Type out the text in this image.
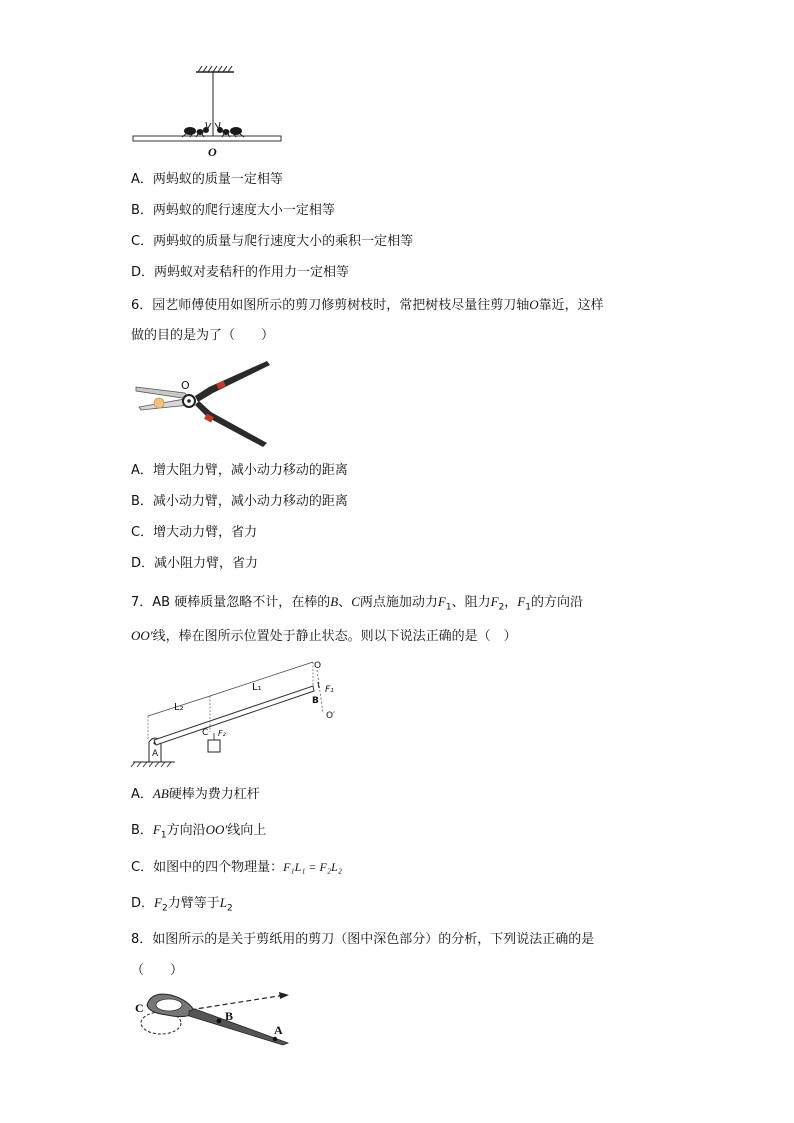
O
A．两蚂蚁的质量一定相等
B．两蚂蚁的爬行速度大小一定相等
C．两蚂蚁的质量与爬行速度大小的乘积一定相等
D．两蚂蚁对麦秸秆的作用力一定相等
6．园艺师傅使用如图所示的剪刀修剪树枝时，常把树枝尽量往剪刀轴O靠近，这样
做的目的是为了（　　）
O
A．增大阻力臂，减小动力移动的距离
B．减小动力臂，减小动力移动的距离
C．增大动力臂，省力
D．减小阻力臂，省力
7．AB 硬棒质量忽略不计，在棒的B、C两点施加动力$F_1$、阻力$F_2$，$F_1$的方向沿
OO′线，棒在图所示位置处于静止状态。则以下说法正确的是（　）
O
F₁
B
O′
L₂
L₁
C F₂
A
A．AB硬棒为费力杠杆
B．$F_1$方向沿OO′线向上
C．如图中的四个物理量：F₁L₁ = F₂L₂
D．$F_2$力臂等于$L_2$
8．如图所示的是关于剪纸用的剪刀（图中深色部分）的分析，下列说法正确的是
（　　）
C
B
A
